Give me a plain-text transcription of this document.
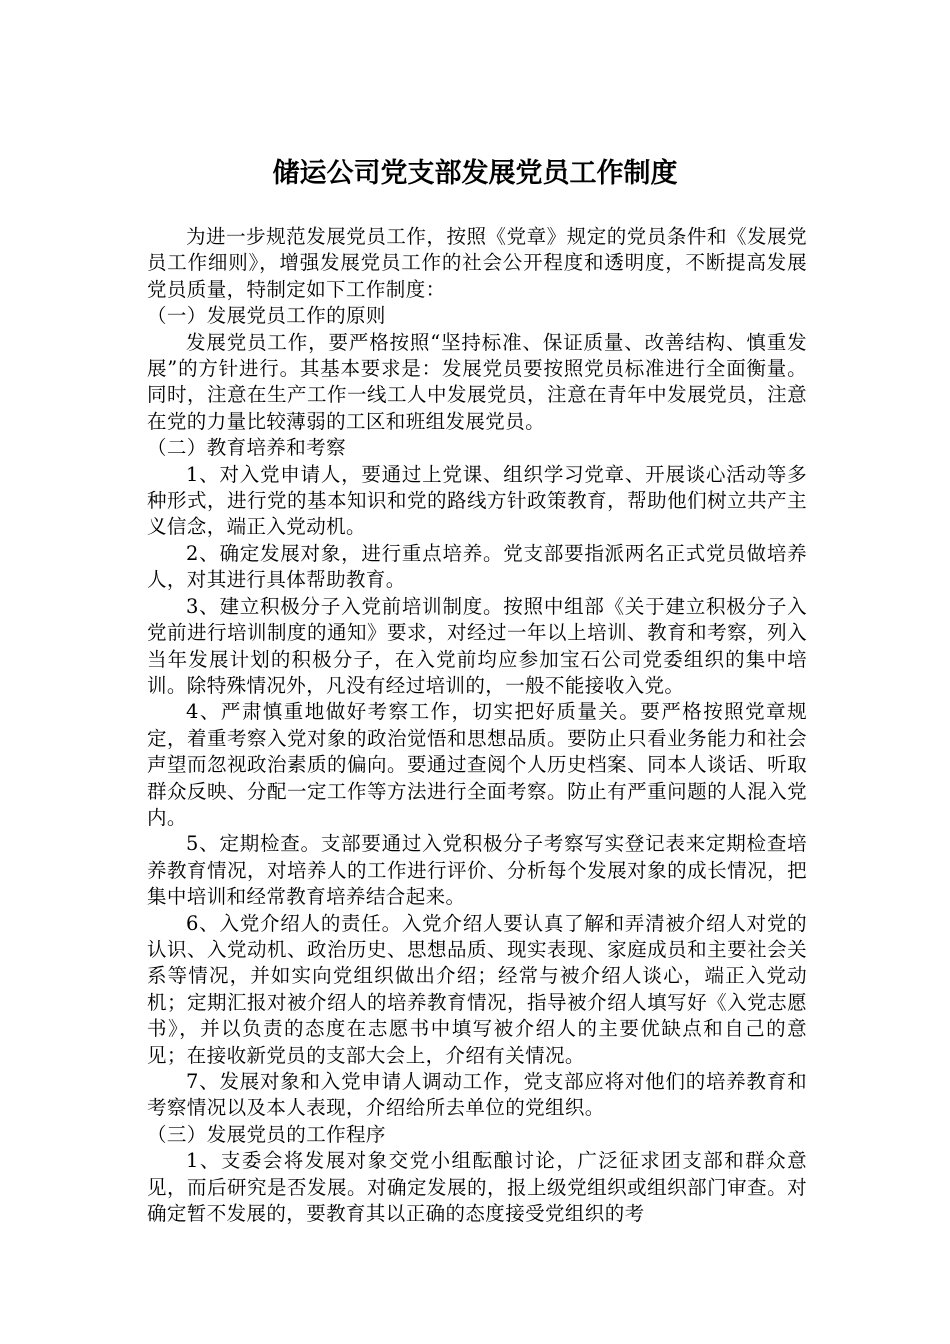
储运公司党支部发展党员工作制度

为进一步规范发展党员工作，按照《党章》规定的党员条件和《发展党员工作细则》，增强发展党员工作的社会公开程度和透明度，不断提高发展党员质量，特制定如下工作制度：

（一）发展党员工作的原则

发展党员工作，要严格按照“坚持标准、保证质量、改善结构、慎重发展”的方针进行。其基本要求是：发展党员要按照党员标准进行全面衡量。同时，注意在生产工作一线工人中发展党员，注意在青年中发展党员，注意在党的力量比较薄弱的工区和班组发展党员。

（二）教育培养和考察

1、对入党申请人，要通过上党课、组织学习党章、开展谈心活动等多种形式，进行党的基本知识和党的路线方针政策教育，帮助他们树立共产主义信念，端正入党动机。

2、确定发展对象，进行重点培养。党支部要指派两名正式党员做培养人，对其进行具体帮助教育。

3、建立积极分子入党前培训制度。按照中组部《关于建立积极分子入党前进行培训制度的通知》要求，对经过一年以上培训、教育和考察，列入当年发展计划的积极分子，在入党前均应参加宝石公司党委组织的集中培训。除特殊情况外，凡没有经过培训的，一般不能接收入党。

4、严肃慎重地做好考察工作，切实把好质量关。要严格按照党章规定，着重考察入党对象的政治觉悟和思想品质。要防止只看业务能力和社会声望而忽视政治素质的偏向。要通过查阅个人历史档案、同本人谈话、听取群众反映、分配一定工作等方法进行全面考察。防止有严重问题的人混入党内。

5、定期检查。支部要通过入党积极分子考察写实登记表来定期检查培养教育情况，对培养人的工作进行评价、分析每个发展对象的成长情况，把集中培训和经常教育培养结合起来。

6、入党介绍人的责任。入党介绍人要认真了解和弄清被介绍人对党的认识、入党动机、政治历史、思想品质、现实表现、家庭成员和主要社会关系等情况，并如实向党组织做出介绍；经常与被介绍人谈心，端正入党动机；定期汇报对被介绍人的培养教育情况，指导被介绍人填写好《入党志愿书》，并以负责的态度在志愿书中填写被介绍人的主要优缺点和自己的意见；在接收新党员的支部大会上，介绍有关情况。

7、发展对象和入党申请人调动工作，党支部应将对他们的培养教育和考察情况以及本人表现，介绍给所去单位的党组织。

（三）发展党员的工作程序

1、支委会将发展对象交党小组酝酿讨论，广泛征求团支部和群众意见，而后研究是否发展。对确定发展的，报上级党组织或组织部门审查。对确定暂不发展的，要教育其以正确的态度接受党组织的考
